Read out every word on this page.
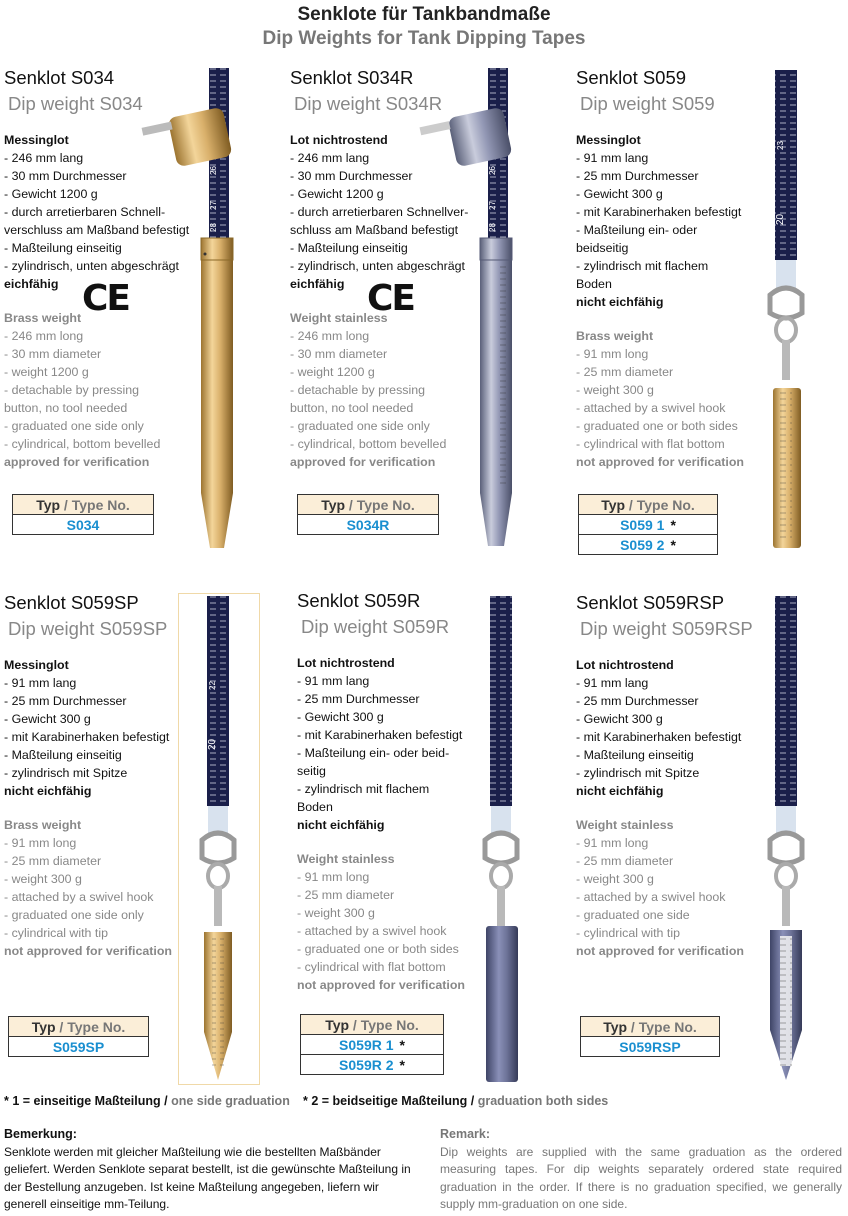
Senklote für Tankbandmaße
Dip Weights for Tank Dipping Tapes
26
27
28
26
27
28
23
20
22
20
Senklot S034
Dip weight S034
Messinglot
- 246 mm lang
- 30 mm Durchmesser
- Gewicht 1200 g
- durch arretierbaren Schnell-
verschluss am Maßband befestigt
- Maßteilung einseitig
- zylindrisch, unten abgeschrägt
eichfähig
Brass weight
- 246 mm long
- 30 mm diameter
- weight 1200 g
- detachable by pressing
button, no tool needed
- graduated one side only
- cylindrical, bottom bevelled
approved for verification
CE
Typ / Type No.
S034
Senklot S034R
Dip weight S034R
Lot nichtrostend
- 246 mm lang
- 30 mm Durchmesser
- Gewicht 1200 g
- durch arretierbaren Schnellver-
schluss am Maßband befestigt
- Maßteilung einseitig
- zylindrisch, unten abgeschrägt
eichfähig
Weight stainless
- 246 mm long
- 30 mm diameter
- weight 1200 g
- detachable by pressing
button, no tool needed
- graduated one side only
- cylindrical, bottom bevelled
approved for verification
CE
Typ / Type No.
S034R
Senklot S059
Dip weight S059
Messinglot
- 91 mm lang
- 25 mm Durchmesser
- Gewicht 300 g
- mit Karabinerhaken befestigt
- Maßteilung ein- oder
beidseitig
- zylindrisch mit flachem
Boden
nicht eichfähig
Brass weight
- 91 mm long
- 25 mm diameter
- weight 300 g
- attached by a swivel hook
- graduated one or both sides
- cylindrical with flat bottom
not approved for verification
Typ / Type No.
S059 1 *
S059 2 *
Senklot S059SP
Dip weight S059SP
Messinglot
- 91 mm lang
- 25 mm Durchmesser
- Gewicht 300 g
- mit Karabinerhaken befestigt
- Maßteilung einseitig
- zylindrisch mit Spitze
nicht eichfähig
Brass weight
- 91 mm long
- 25 mm diameter
- weight 300 g
- attached by a swivel hook
- graduated one side only
- cylindrical with tip
not approved for verification
Typ / Type No.
S059SP
Senklot S059R
Dip weight S059R
Lot nichtrostend
- 91 mm lang
- 25 mm Durchmesser
- Gewicht 300 g
- mit Karabinerhaken befestigt
- Maßteilung ein- oder beid-
seitig
- zylindrisch mit flachem
Boden
nicht eichfähig
Weight stainless
- 91 mm long
- 25 mm diameter
- weight 300 g
- attached by a swivel hook
- graduated one or both sides
- cylindrical with flat bottom
not approved for verification
Typ / Type No.
S059R 1 *
S059R 2 *
Senklot S059RSP
Dip weight S059RSP
Lot nichtrostend
- 91 mm lang
- 25 mm Durchmesser
- Gewicht 300 g
- mit Karabinerhaken befestigt
- Maßteilung einseitig
- zylindrisch mit Spitze
nicht eichfähig
Weight stainless
- 91 mm long
- 25 mm diameter
- weight 300 g
- attached by a swivel hook
- graduated one side
- cylindrical with tip
not approved for verification
Typ / Type No.
S059RSP
* 1 = einseitige Maßteilung / one side graduation * 2 = beidseitige Maßteilung / graduation both sides
Bemerkung:
Senklote werden mit gleicher Maßteilung wie die bestellten Maßbänder geliefert. Werden Senklote separat bestellt, ist die gewünschte Maßteilung in der Bestellung anzugeben. Ist keine Maßteilung angegeben, liefern wir generell einseitige mm-Teilung.
Remark:
Dip weights are supplied with the same graduation as the ordered measuring tapes. For dip weights separately ordered state required graduation in the order. If there is no graduation specified, we generally supply mm-graduation on one side.
